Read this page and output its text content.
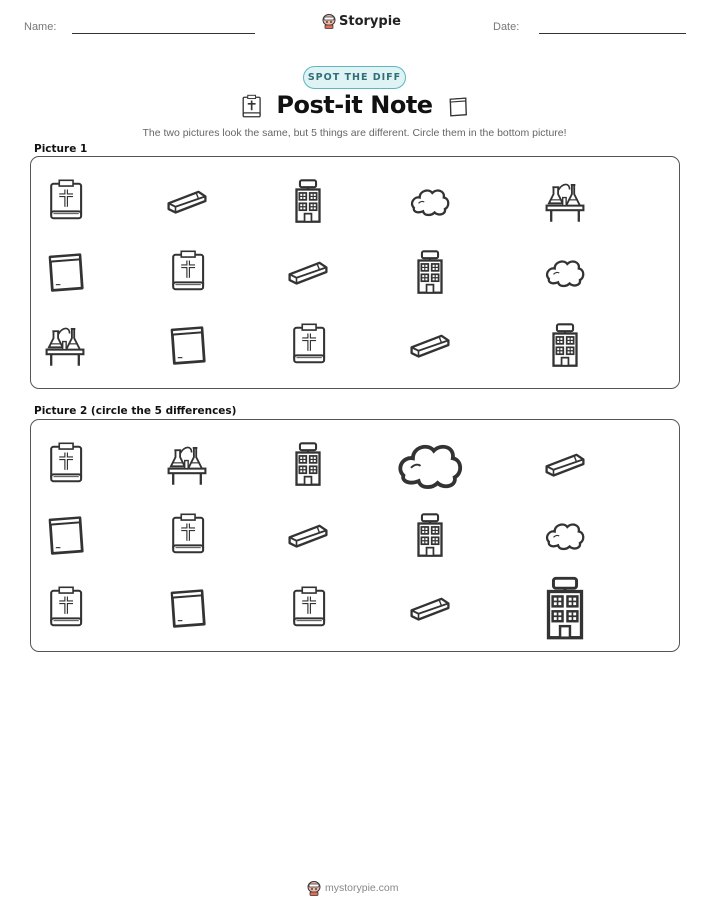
Name:	Storypie	Date:
SPOT THE DIFF
Post-it Note
The two pictures look the same, but 5 things are different. Circle them in the bottom picture!
Picture 1
Picture 2 (circle the 5 differences)
mystorypie.com
